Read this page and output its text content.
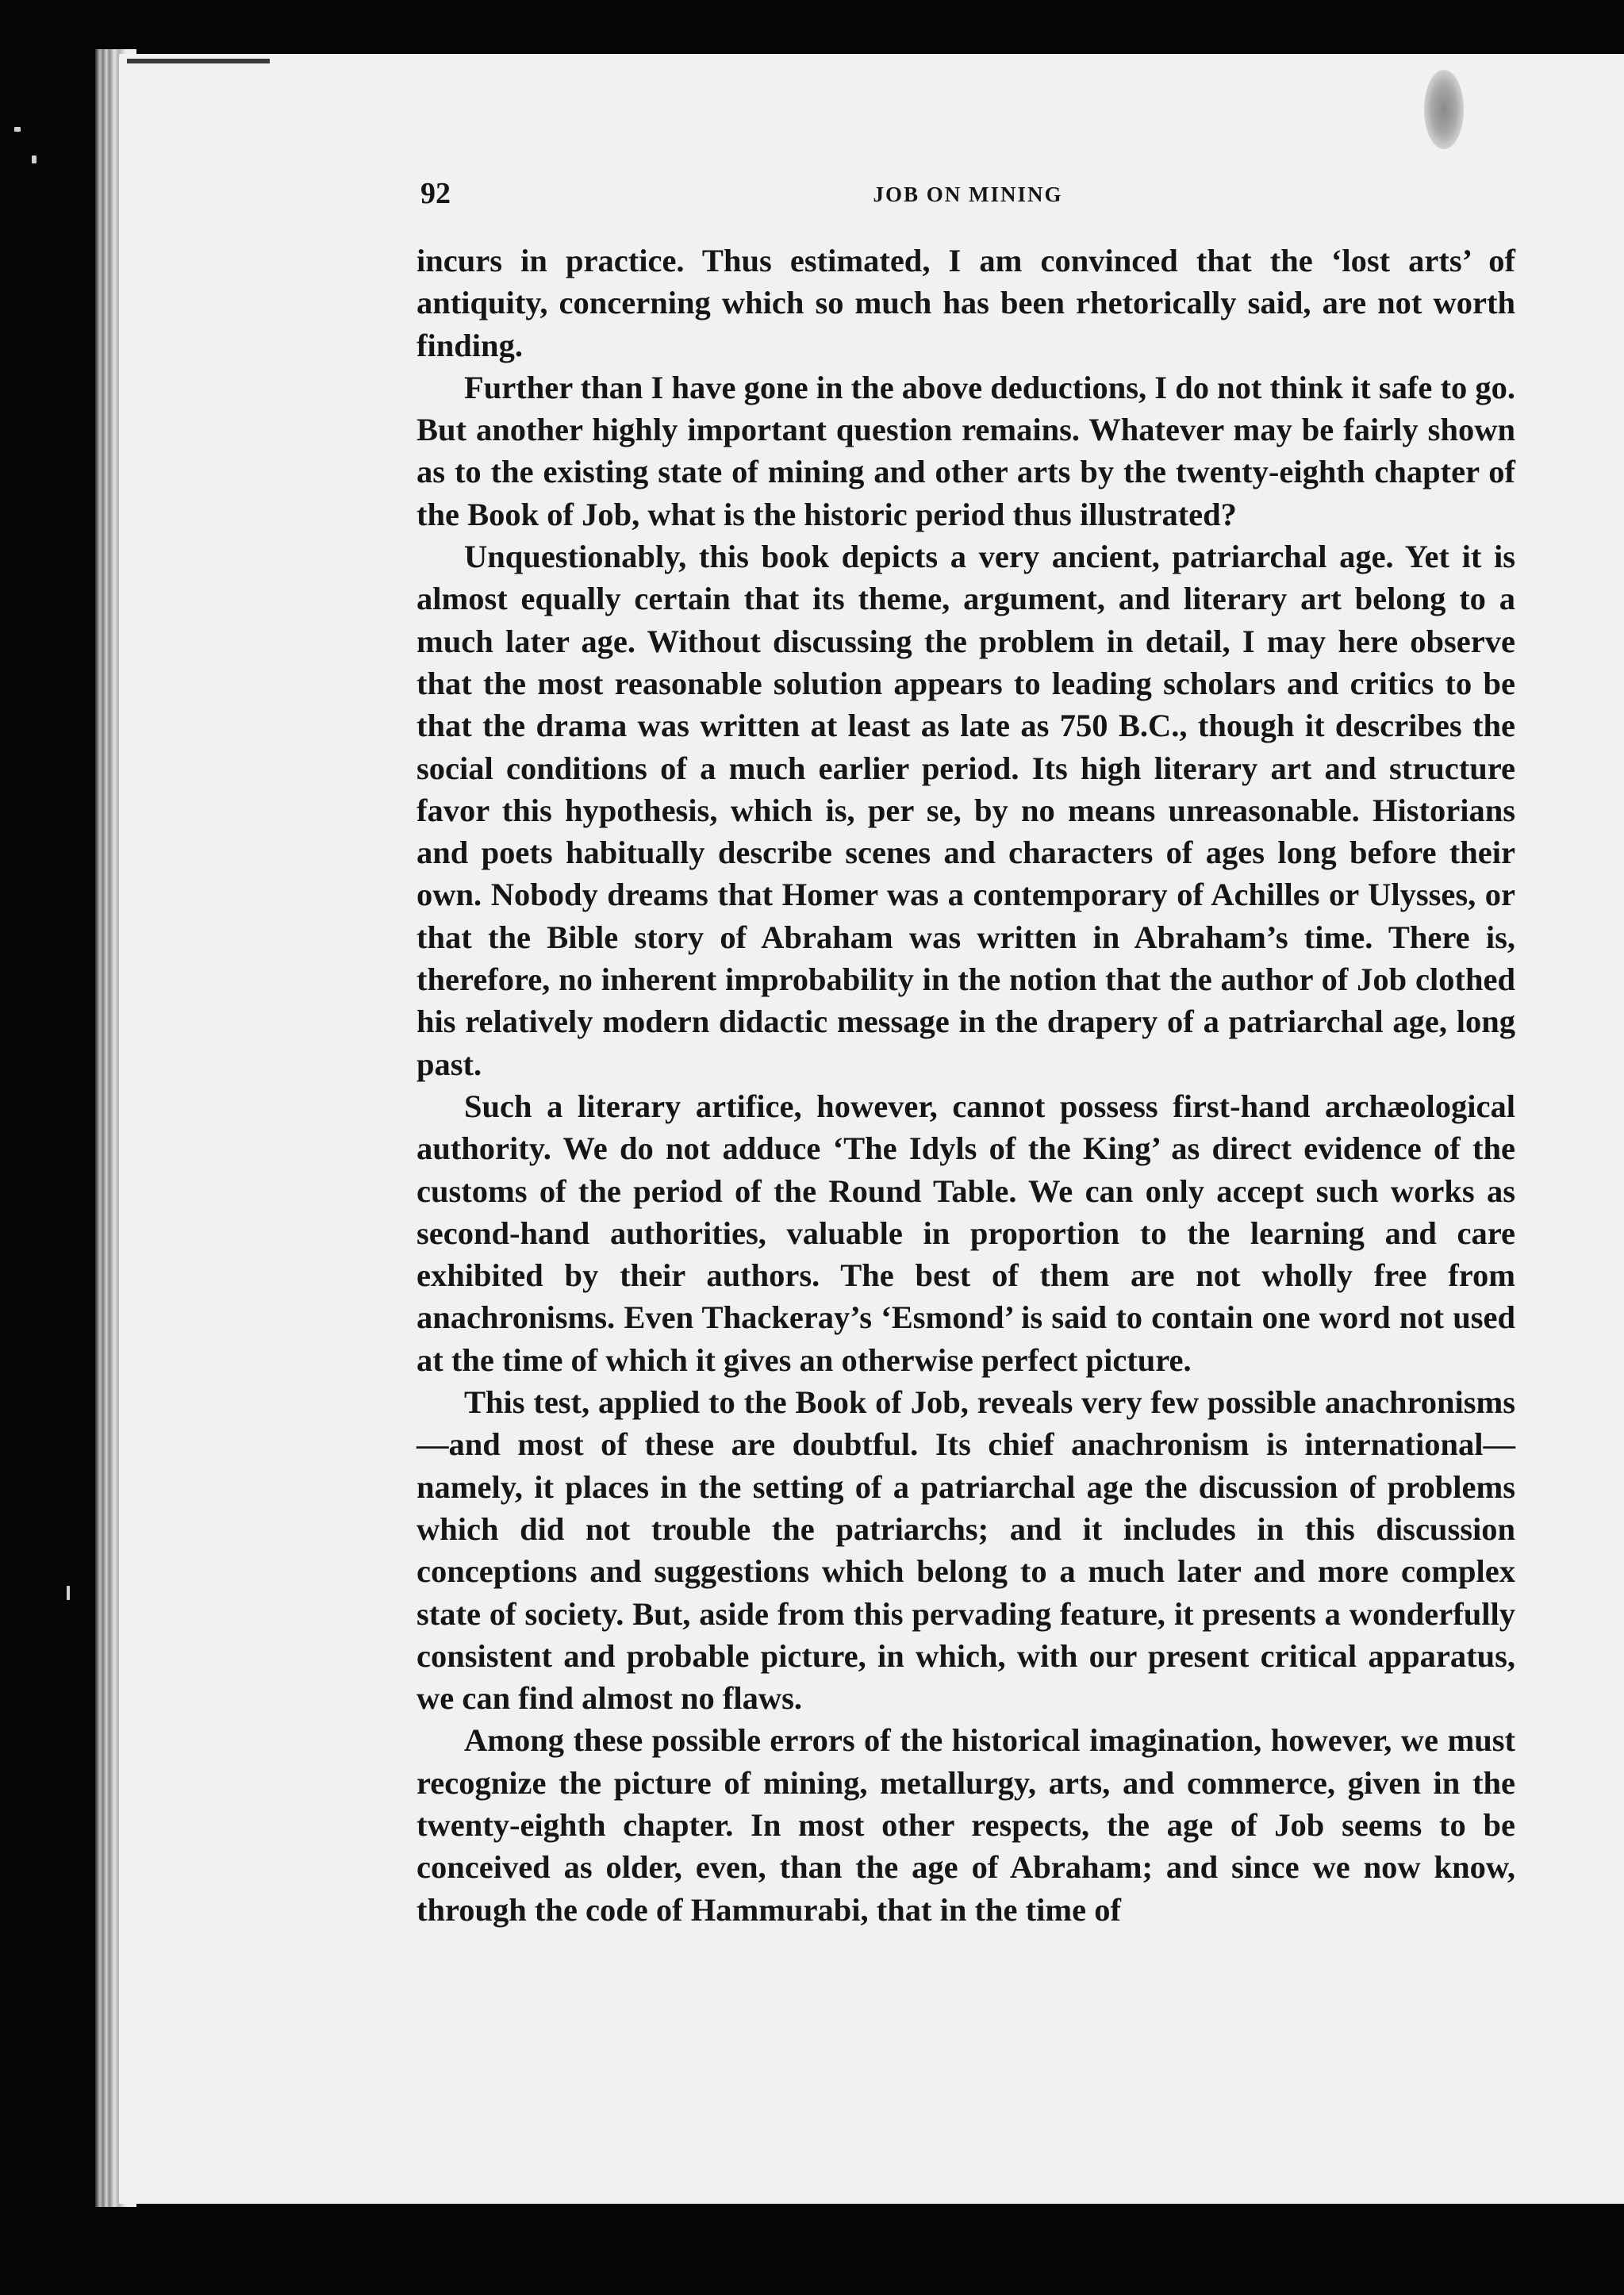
92	JOB ON MINING

incurs in practice. Thus estimated, I am convinced that the ‘lost arts’ of antiquity, concerning which so much has been rhetorically said, are not worth finding.

Further than I have gone in the above deductions, I do not think it safe to go. But another highly important question remains. Whatever may be fairly shown as to the existing state of mining and other arts by the twenty-eighth chapter of the Book of Job, what is the historic period thus illustrated?

Unquestionably, this book depicts a very ancient, patriarchal age. Yet it is almost equally certain that its theme, argument, and literary art belong to a much later age. Without discussing the problem in detail, I may here observe that the most reasonable solution appears to leading scholars and critics to be that the drama was written at least as late as 750 B.C., though it describes the social conditions of a much earlier period. Its high literary art and structure favor this hypothesis, which is, per se, by no means unreasonable. Historians and poets habitually describe scenes and characters of ages long before their own. Nobody dreams that Homer was a contemporary of Achilles or Ulysses, or that the Bible story of Abraham was written in Abraham’s time. There is, therefore, no inherent improbability in the notion that the author of Job clothed his relatively modern didactic message in the drapery of a patriarchal age, long past.

Such a literary artifice, however, cannot possess first-hand archæological authority. We do not adduce ‘The Idyls of the King’ as direct evidence of the customs of the period of the Round Table. We can only accept such works as second-hand authorities, valuable in proportion to the learning and care exhibited by their authors. The best of them are not wholly free from anachronisms. Even Thackeray’s ‘Esmond’ is said to contain one word not used at the time of which it gives an otherwise perfect picture.

This test, applied to the Book of Job, reveals very few possible anachronisms—and most of these are doubtful. Its chief anachronism is international—namely, it places in the setting of a patriarchal age the discussion of problems which did not trouble the patriarchs; and it includes in this discussion conceptions and suggestions which belong to a much later and more complex state of society. But, aside from this pervading feature, it presents a wonderfully consistent and probable picture, in which, with our present critical apparatus, we can find almost no flaws.

Among these possible errors of the historical imagination, however, we must recognize the picture of mining, metallurgy, arts, and commerce, given in the twenty-eighth chapter. In most other respects, the age of Job seems to be conceived as older, even, than the age of Abraham; and since we now know, through the code of Hammurabi, that in the time of
